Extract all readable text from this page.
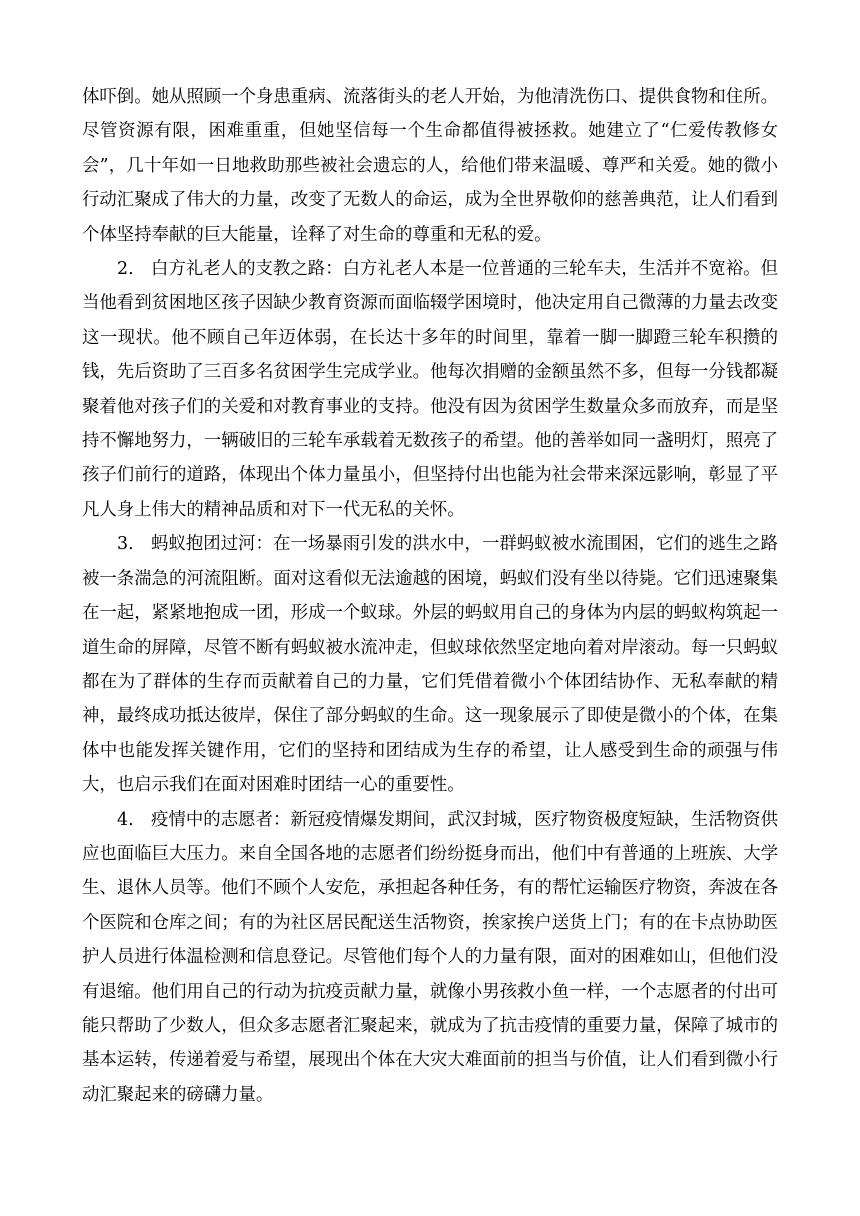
体吓倒。她从照顾一个身患重病、流落街头的老人开始，为他清洗伤口、提供食物和住所。尽管资源有限，困难重重，但她坚信每一个生命都值得被拯救。她建立了“仁爱传教修女会”，几十年如一日地救助那些被社会遗忘的人，给他们带来温暖、尊严和关爱。她的微小行动汇聚成了伟大的力量，改变了无数人的命运，成为全世界敬仰的慈善典范，让人们看到个体坚持奉献的巨大能量，诠释了对生命的尊重和无私的爱。

2.　白方礼老人的支教之路：白方礼老人本是一位普通的三轮车夫，生活并不宽裕。但当他看到贫困地区孩子因缺少教育资源而面临辍学困境时，他决定用自己微薄的力量去改变这一现状。他不顾自己年迈体弱，在长达十多年的时间里，靠着一脚一脚蹬三轮车积攒的钱，先后资助了三百多名贫困学生完成学业。他每次捐赠的金额虽然不多，但每一分钱都凝聚着他对孩子们的关爱和对教育事业的支持。他没有因为贫困学生数量众多而放弃，而是坚持不懈地努力，一辆破旧的三轮车承载着无数孩子的希望。他的善举如同一盏明灯，照亮了孩子们前行的道路，体现出个体力量虽小，但坚持付出也能为社会带来深远影响，彰显了平凡人身上伟大的精神品质和对下一代无私的关怀。

3.　蚂蚁抱团过河：在一场暴雨引发的洪水中，一群蚂蚁被水流围困，它们的逃生之路被一条湍急的河流阻断。面对这看似无法逾越的困境，蚂蚁们没有坐以待毙。它们迅速聚集在一起，紧紧地抱成一团，形成一个蚁球。外层的蚂蚁用自己的身体为内层的蚂蚁构筑起一道生命的屏障，尽管不断有蚂蚁被水流冲走，但蚁球依然坚定地向着对岸滚动。每一只蚂蚁都在为了群体的生存而贡献着自己的力量，它们凭借着微小个体团结协作、无私奉献的精神，最终成功抵达彼岸，保住了部分蚂蚁的生命。这一现象展示了即使是微小的个体，在集体中也能发挥关键作用，它们的坚持和团结成为生存的希望，让人感受到生命的顽强与伟大，也启示我们在面对困难时团结一心的重要性。

4.　疫情中的志愿者：新冠疫情爆发期间，武汉封城，医疗物资极度短缺，生活物资供应也面临巨大压力。来自全国各地的志愿者们纷纷挺身而出，他们中有普通的上班族、大学生、退休人员等。他们不顾个人安危，承担起各种任务，有的帮忙运输医疗物资，奔波在各个医院和仓库之间；有的为社区居民配送生活物资，挨家挨户送货上门；有的在卡点协助医护人员进行体温检测和信息登记。尽管他们每个人的力量有限，面对的困难如山，但他们没有退缩。他们用自己的行动为抗疫贡献力量，就像小男孩救小鱼一样，一个志愿者的付出可能只帮助了少数人，但众多志愿者汇聚起来，就成为了抗击疫情的重要力量，保障了城市的基本运转，传递着爱与希望，展现出个体在大灾大难面前的担当与价值，让人们看到微小行动汇聚起来的磅礴力量。
